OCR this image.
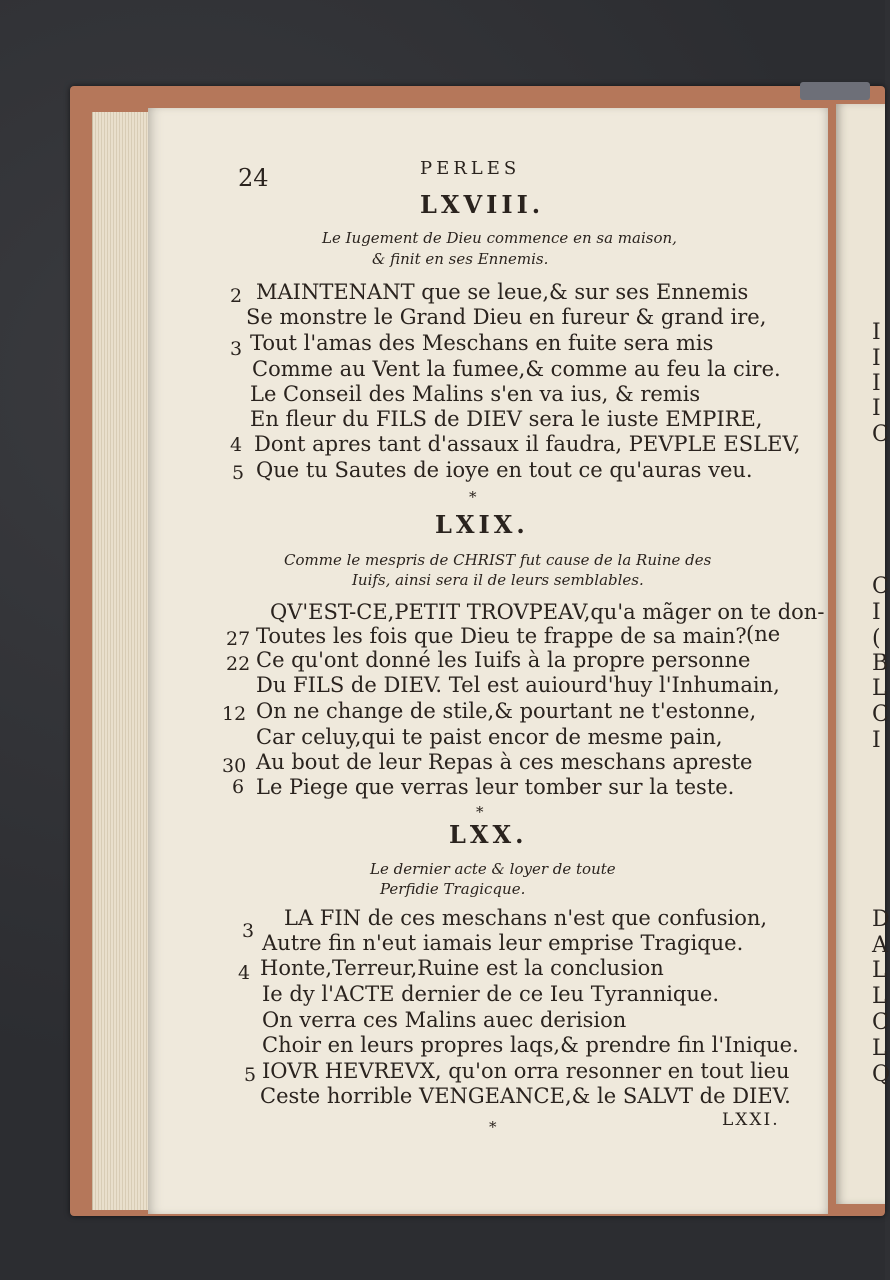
I
I
I
I
C
C
I
(
B
L
C
I
D
A
L
L
C
L
Q
24	PERLES
LXVIII.
Le Iugement de Dieu commence en sa maison,
& finit en ses Ennemis.
2 MAINTENANT que se leue,& sur ses Ennemis
Se monstre le Grand Dieu en fureur & grand ire,
3 Tout l'amas des Meschans en fuite sera mis
Comme au Vent la fumee,& comme au feu la cire.
Le Conseil des Malins s'en va ius, & remis
En fleur du FILS de DIEV sera le iuste EMPIRE,
4 Dont apres tant d'assaux il faudra, PEVPLE ESLEV,
5 Que tu Sautes de ioye en tout ce qu'auras veu.
*
LXIX.
Comme le mespris de CHRIST fut cause de la Ruine des
Iuifs, ainsi sera il de leurs semblables.
QV'EST-CE,PETIT TROVPEAV,qu'a mãger on te don-
27 Toutes les fois que Dieu te frappe de sa main? (ne
22 Ce qu'ont donné les Iuifs à la propre personne
Du FILS de DIEV. Tel est auiourd'huy l'Inhumain,
12 On ne change de stile,& pourtant ne t'estonne,
Car celuy,qui te paist encor de mesme pain,
30 Au bout de leur Repas à ces meschans apreste
6 Le Piege que verras leur tomber sur la teste.
*
LXX.
Le dernier acte & loyer de toute
Perfidie Tragicque.
3
LA FIN de ces meschans n'est que confusion,
Autre fin n'eut iamais leur emprise Tragique.
4 Honte,Terreur,Ruine est la conclusion
Ie dy l'ACTE dernier de ce Ieu Tyrannique.
On verra ces Malins auec derision
Choir en leurs propres laqs,& prendre fin l'Inique.
5 IOVR HEVREVX, qu'on orra resonner en tout lieu
Ceste horrible VENGEANCE,& le SALVT de DIEV.
*	LXXI.
